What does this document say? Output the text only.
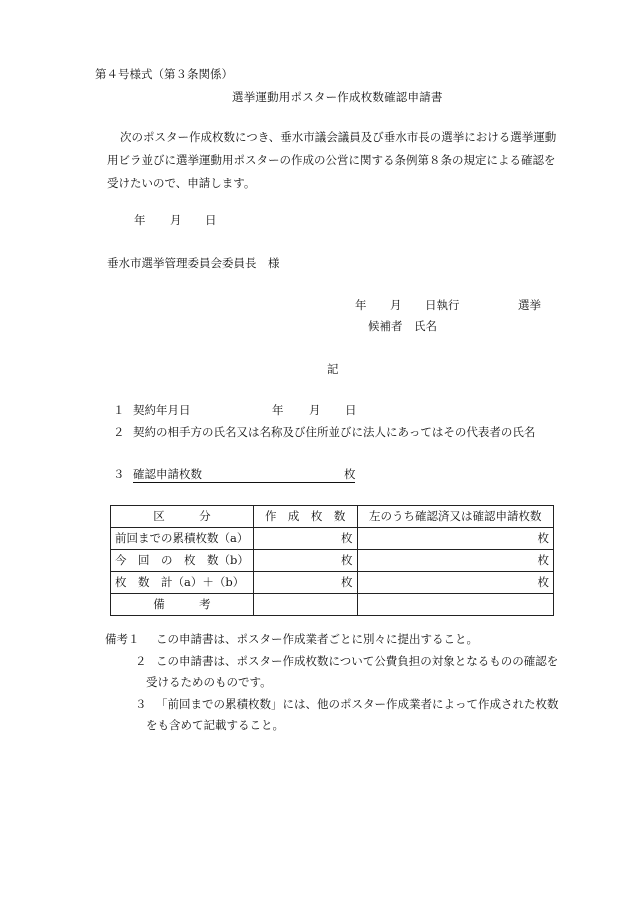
第４号様式（第３条関係）
選挙運動用ポスター作成枚数確認申請書
次のポスター作成枚数につき、垂水市議会議員及び垂水市長の選挙における選挙運動
用ビラ並びに選挙運動用ポスターの作成の公営に関する条例第８条の規定による確認を
受けたいので、申請します。
年 月 日
垂水市選挙管理委員会委員長　様
年 月 日執行	選挙
候補者　氏名
記
１ 契約年月日	年 月 日
２ 契約の相手方の氏名又は名称及び住所並びに法人にあってはその代表者の氏名
３ 確認申請枚数	枚
区　　　分	作　成　枚　数	左のうち確認済又は確認申請枚数
前回までの累積枚数（a）	枚	枚
今　回　の　枚　数（b）	枚	枚
枚　数　計（a）＋（b）	枚	枚
備　　　考		
備考１ この申請書は、ポスター作成業者ごとに別々に提出すること。
２ この申請書は、ポスター作成枚数について公費負担の対象となるものの確認を
受けるためのものです。
３ 「前回までの累積枚数」には、他のポスター作成業者によって作成された枚数
をも含めて記載すること。
